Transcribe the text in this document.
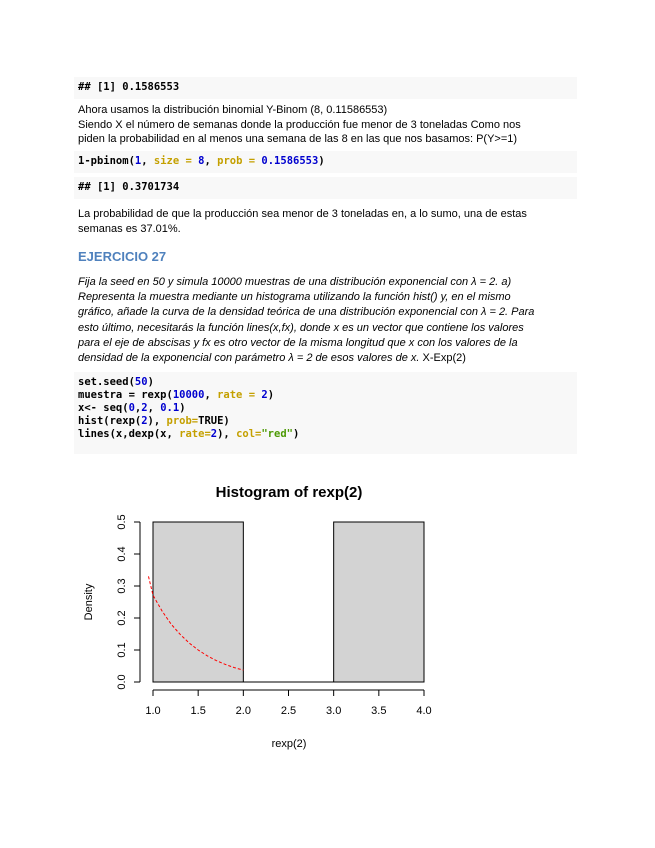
## [1] 0.1586553
Ahora usamos la distribución binomial Y-Binom (8, 0.11586553)
Siendo X el número de semanas donde la producción fue menor de 3 toneladas Como nos
piden la probabilidad en al menos una semana de las 8 en las que nos basamos: P(Y>=1)
1-pbinom(1, size = 8, prob = 0.1586553)
## [1] 0.3701734
La probabilidad de que la producción sea menor de 3 toneladas en, a lo sumo, una de estas
semanas es 37.01%.
EJERCICIO 27
Fija la seed en 50 y simula 10000 muestras de una distribución exponencial con λ = 2. a)
Representa la muestra mediante un histograma utilizando la función hist() y, en el mismo
gráfico, añade la curva de la densidad teórica de una distribución exponencial con λ = 2. Para
esto último, necesitarás la función lines(x,fx), donde x es un vector que contiene los valores
para el eje de abscisas y fx es otro vector de la misma longitud que x con los valores de la
densidad de la exponencial con parámetro λ = 2 de esos valores de x. X-Exp(2)
set.seed(50)
muestra = rexp(10000, rate = 2)
x<- seq(0,2, 0.1)
hist(rexp(2), prob=TRUE)
lines(x,dexp(x, rate=2), col="red")
Histogram of rexp(2)
1.0	1.5	2.0	2.5	3.0	3.5	4.0
rexp(2)
0.0
0.1
0.2
0.3
0.4
0.5
Density
